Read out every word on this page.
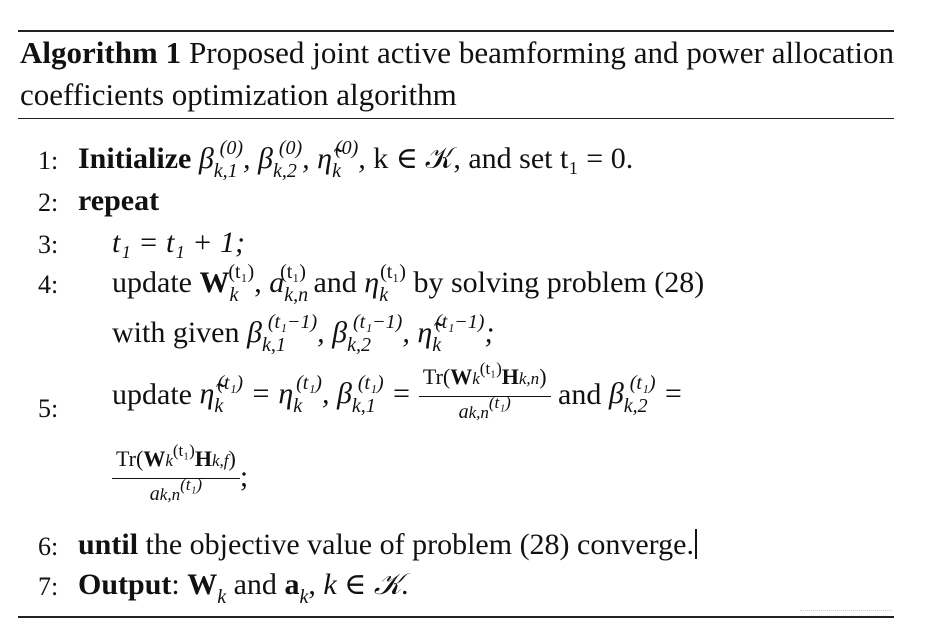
Algorithm 1 Proposed joint active beamforming and power allocation coefficients optimization algorithm
1: Initialize $\beta_{k,1}^{(0)}$, $\beta_{k,2}^{(0)}$, $\etã_k^{(0)}$, k ∈ 𝒦, and set t₁ = 0.
2: repeat
3: t₁ = t₁ + 1;
4: update $W_k^{(t_1)}$, $a_{k,n}^{(t_1)}$ and $\eta_k^{(t_1)}$ by solving problem (28)
with given $\beta_{k,1}^{(t_1-1)}$, $\beta_{k,2}^{(t_1-1)}$, $\etã_k^{(t_1-1)}$;
5: update $\etã_k^{(t_1)} = \eta_k^{(t_1)}$, $\beta_{k,1}^{(t_1)} = \frac{Tr(Wk^{(t_1)}Hk,n)}{ak,n^{(t_1)}}$ and $\beta_{k,2}^{(t_1)}$ =
$\frac{Tr(Wk^{(t_1)}Hk,f)}{ak,n^{(t_1)}}$ ;
6: until the objective value of problem (28) converge.
7: Output: $W_k$ and $a_k$, k ∈ 𝒦.
